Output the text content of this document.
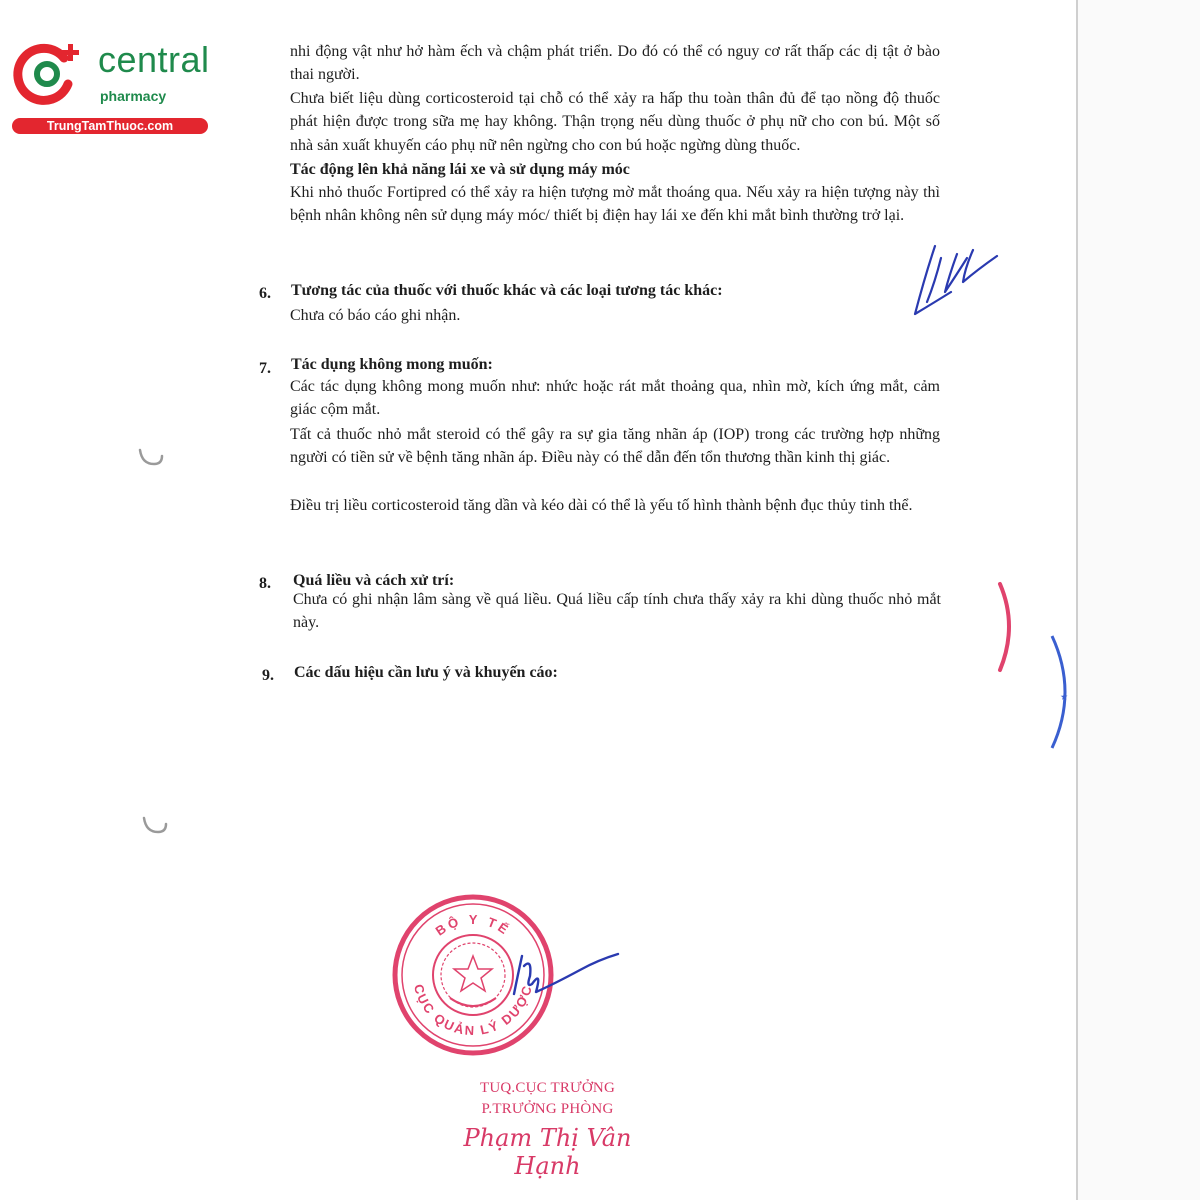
central
pharmacy
TrungTamThuoc.com

nhi động vật như hở hàm ếch và chậm phát triển. Do đó có thể có nguy cơ rất thấp các dị tật ở bào thai người.

Chưa biết liệu dùng corticosteroid tại chỗ có thể xảy ra hấp thu toàn thân đủ để tạo nồng độ thuốc phát hiện được trong sữa mẹ hay không. Thận trọng nếu dùng thuốc ở phụ nữ cho con bú. Một số nhà sản xuất khuyến cáo phụ nữ nên ngừng cho con bú hoặc ngừng dùng thuốc.

Tác động lên khả năng lái xe và sử dụng máy móc

Khi nhỏ thuốc Fortipred có thể xảy ra hiện tượng mờ mắt thoáng qua. Nếu xảy ra hiện tượng này thì bệnh nhân không nên sử dụng máy móc/ thiết bị điện hay lái xe đến khi mắt bình thường trở lại.

6. Tương tác của thuốc với thuốc khác và các loại tương tác khác:

Chưa có báo cáo ghi nhận.

7. Tác dụng không mong muốn:

Các tác dụng không mong muốn như: nhức hoặc rát mắt thoảng qua, nhìn mờ, kích ứng mắt, cảm giác cộm mắt.

Tất cả thuốc nhỏ mắt steroid có thể gây ra sự gia tăng nhãn áp (IOP) trong các trường hợp những người có tiền sử về bệnh tăng nhãn áp. Điều này có thể dẫn đến tổn thương thần kinh thị giác.

Điều trị liều corticosteroid tăng dần và kéo dài có thể là yếu tố hình thành bệnh đục thủy tinh thể.

8. Quá liều và cách xử trí:

Chưa có ghi nhận lâm sàng về quá liều. Quá liều cấp tính chưa thấy xảy ra khi dùng thuốc nhỏ mắt này.

9. Các dấu hiệu cần lưu ý và khuyến cáo:
★
BỘ Y TẾ
CỤC QUẢN LÝ DƯỢC
TUQ.CỤC TRƯỞNG
P.TRƯỞNG PHÒNG
Phạm Thị Vân Hạnh
